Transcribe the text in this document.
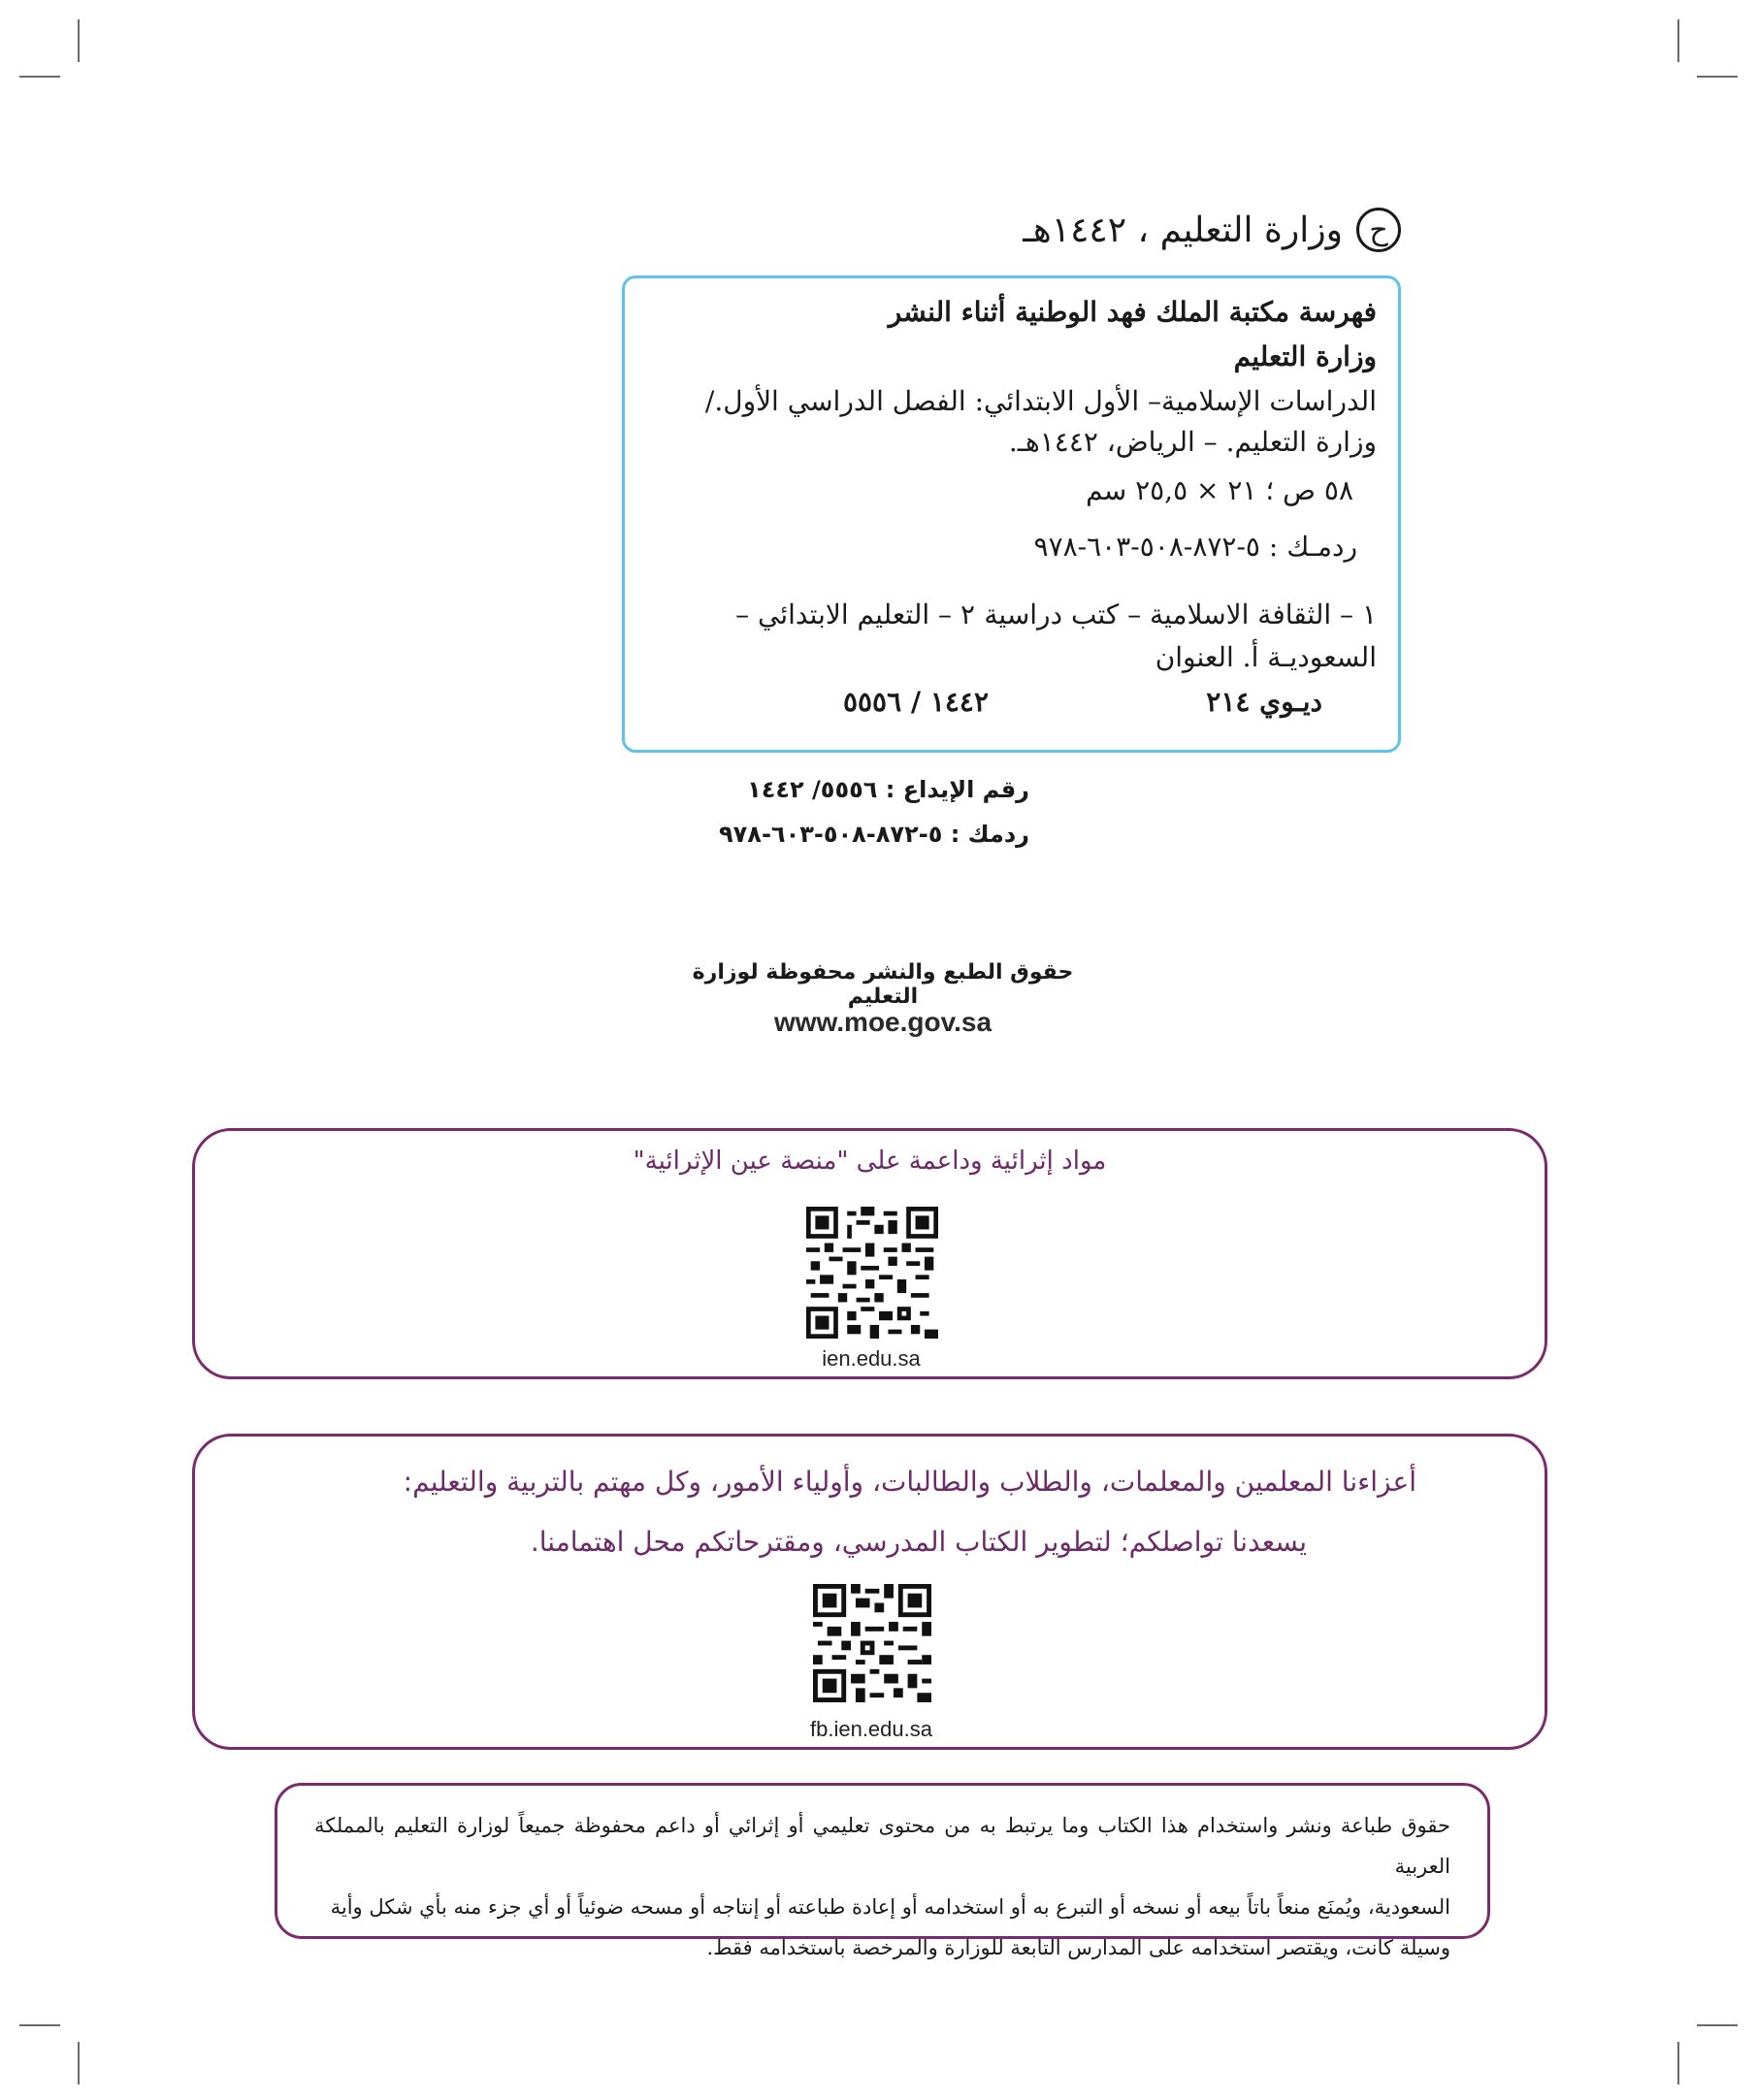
ح
وزارة التعليم ، ١٤٤٢هـ
فهرسة مكتبة الملك فهد الوطنية أثناء النشر
وزارة التعليم
الدراسات الإسلامية– الأول الابتدائي: الفصل الدراسي الأول./
وزارة التعليم. – الرياض، ١٤٤٢هـ.
٥٨ ص ؛ ٢١ × ٢٥,٥ سم
ردمـك : ٥-٨٧٢-٥٠٨-٦٠٣-٩٧٨
١ – الثقافة الاسلامية – كتب دراسية
٢ – التعليم الابتدائي –
السعوديـة أ. العنوان
ديـوي ٢١٤
١٤٤٢ / ٥٥٥٦
رقم الإيداع : ٥٥٥٦/ ١٤٤٢
ردمك : ٥-٨٧٢-٥٠٨-٦٠٣-٩٧٨
حقوق الطبع والنشر محفوظة لوزارة التعليم
www.moe.gov.sa
مواد إثرائية وداعمة على "منصة عين الإثرائية"
ien.edu.sa
أعزاءنا المعلمين والمعلمات، والطلاب والطالبات، وأولياء الأمور، وكل مهتم بالتربية والتعليم:
يسعدنا تواصلكم؛ لتطوير الكتاب المدرسي، ومقترحاتكم محل اهتمامنا.
fb.ien.edu.sa

حقوق طباعة ونشر واستخدام هذا الكتاب وما يرتبط به من محتوى تعليمي أو إثرائي أو داعم محفوظة جميعاً لوزارة التعليم بالمملكة العربية

السعودية، ويُمنَع منعاً باتاً بيعه أو نسخه أو التبرع به أو استخدامه أو إعادة طباعته أو إنتاجه أو مسحه ضوئياً أو أي جزء منه بأي شكل وأية

وسيلة كانت، ويقتصر استخدامه على المدارس التابعة للوزارة والمرخصة باستخدامه فقط.
